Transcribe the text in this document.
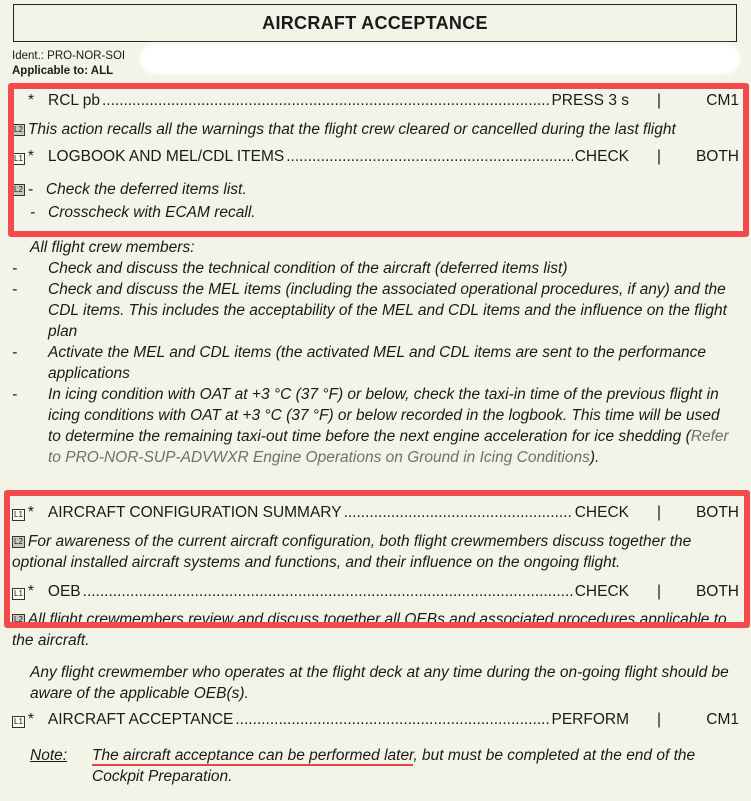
AIRCRAFT ACCEPTANCE
Ident.: PRO-NOR-SOI
Applicable to: ALL
* RCL pb .....	PRESS 3 s	|	CM1
L2 This action recalls all the warnings that the flight crew cleared or cancelled during the last flight
L1 * LOGBOOK AND MEL/CDL ITEMS .....	CHECK	|	BOTH
L2 - Check the deferred items list.
- Crosscheck with ECAM recall.
All flight crew members:
- Check and discuss the technical condition of the aircraft (deferred items list)
- Check and discuss the MEL items (including the associated operational procedures, if any) and the CDL items. This includes the acceptability of the MEL and CDL items and the influence on the flight plan
- Activate the MEL and CDL items (the activated MEL and CDL items are sent to the performance applications
- In icing condition with OAT at +3 °C (37 °F) or below, check the taxi-in time of the previous flight in icing conditions with OAT at +3 °C (37 °F) or below recorded in the logbook. This time will be used to determine the remaining taxi-out time before the next engine acceleration for ice shedding (Refer to PRO-NOR-SUP-ADVWXR Engine Operations on Ground in Icing Conditions).
L1 * AIRCRAFT CONFIGURATION SUMMARY .....	CHECK	|	BOTH
L2 For awareness of the current aircraft configuration, both flight crewmembers discuss together the optional installed aircraft systems and functions, and their influence on the ongoing flight.
L1 * OEB .....	CHECK	|	BOTH
L2 All flight crewmembers review and discuss together all OEBs and associated procedures applicable to the aircraft.
Any flight crewmember who operates at the flight deck at any time during the on-going flight should be aware of the applicable OEB(s).
L1 * AIRCRAFT ACCEPTANCE .....	PERFORM	|	CM1
Note:	The aircraft acceptance can be performed later, but must be completed at the end of the Cockpit Preparation.
